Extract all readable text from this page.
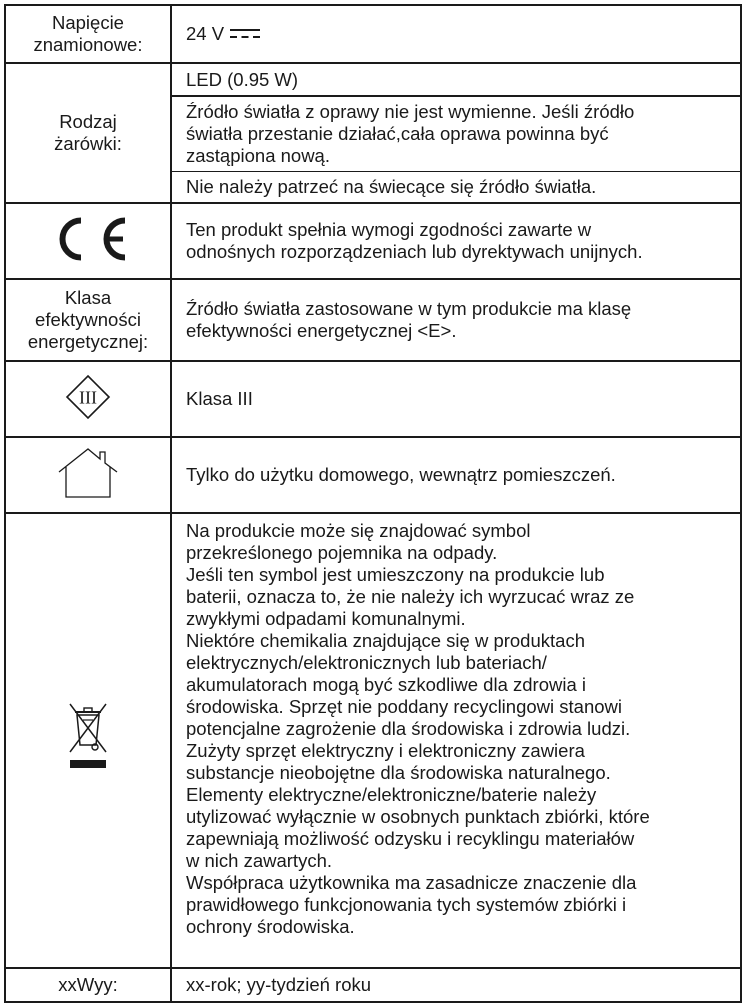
Napięcie
znamionowe:
24 V
Rodzaj
żarówki:

LED (0.95 W)

Źródło światła z oprawy nie jest wymienne. Jeśli źródło
światła przestanie działać,cała oprawa powinna być
zastąpiona nową.

Nie należy patrzeć na świecące się źródło światła.

Ten produkt spełnia wymogi zgodności zawarte w
odnośnych rozporządzeniach lub dyrektywach unijnych.

Klasa
efektywności
energetycznej:

Źródło światła zastosowane w tym produkcie ma klasę
efektywności energetycznej <E>.

III	Klasa III

Tylko do użytku domowego, wewnątrz pomieszczeń.

Na produkcie może się znajdować symbol
przekreślonego pojemnika na odpady.
Jeśli ten symbol jest umieszczony na produkcie lub
baterii, oznacza to, że nie należy ich wyrzucać wraz ze
zwykłymi odpadami komunalnymi.
Niektóre chemikalia znajdujące się w produktach
elektrycznych/elektronicznych lub bateriach/
akumulatorach mogą być szkodliwe dla zdrowia i
środowiska. Sprzęt nie poddany recyclingowi stanowi
potencjalne zagrożenie dla środowiska i zdrowia ludzi.
Zużyty sprzęt elektryczny i elektroniczny zawiera
substancje nieobojętne dla środowiska naturalnego.
Elementy elektryczne/elektroniczne/baterie należy
utylizować wyłącznie w osobnych punktach zbiórki, które
zapewniają możliwość odzysku i recyklingu materiałów
w nich zawartych.
Współpraca użytkownika ma zasadnicze znaczenie dla
prawidłowego funkcjonowania tych systemów zbiórki i
ochrony środowiska.

xxWyy:	xx-rok; yy-tydzień roku
